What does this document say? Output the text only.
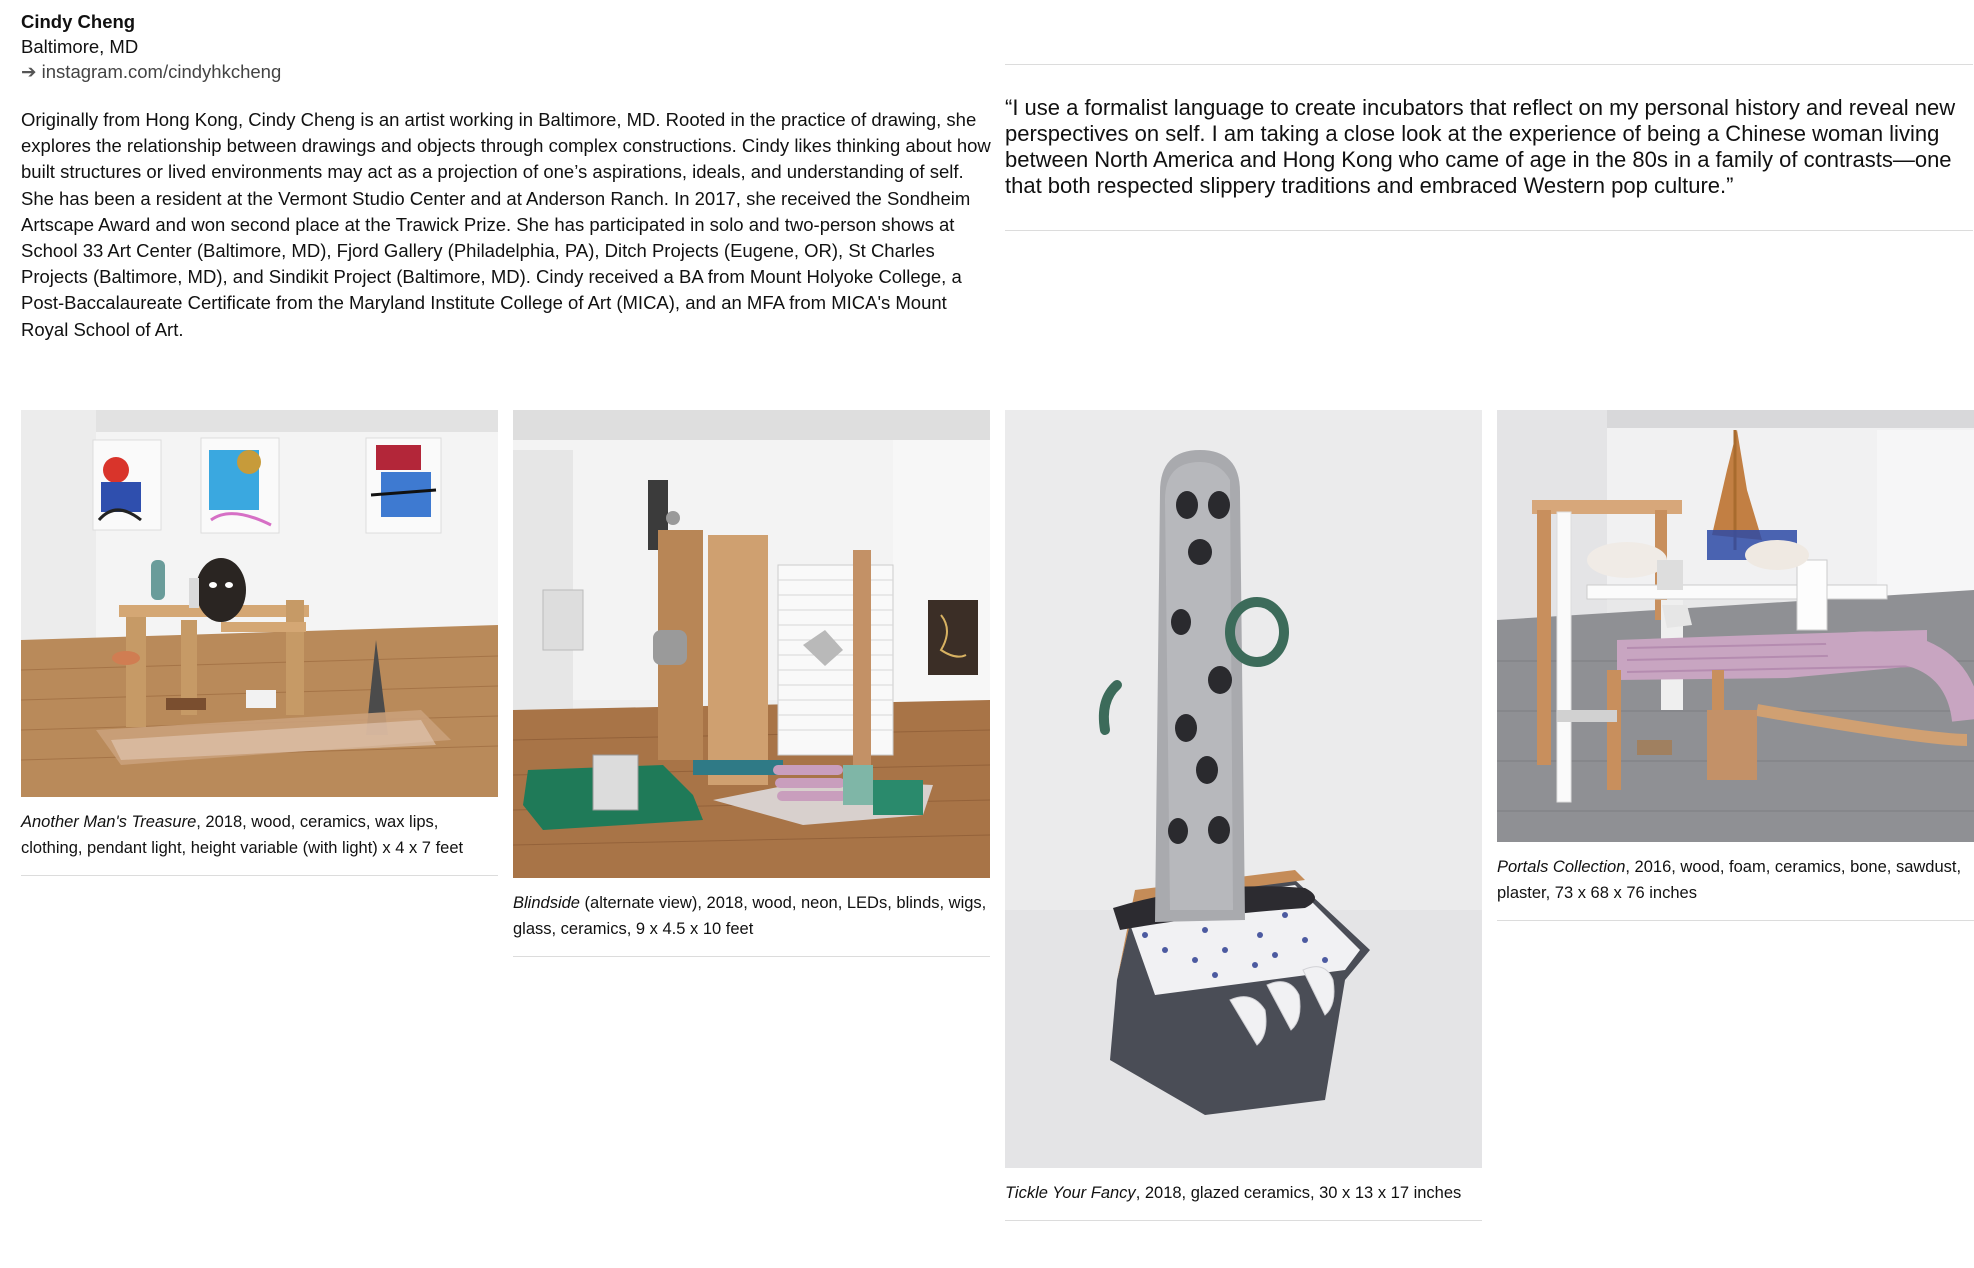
Cindy Cheng
Baltimore, MD
➔ instagram.com/cindyhkcheng
Originally from Hong Kong, Cindy Cheng is an artist working in Baltimore, MD. Rooted in the practice of drawing, she explores the relationship between drawings and objects through complex constructions. Cindy likes thinking about how built structures or lived environments may act as a projection of one’s aspirations, ideals, and understanding of self. She has been a resident at the Vermont Studio Center and at Anderson Ranch. In 2017, she received the Sondheim Artscape Award and won second place at the Trawick Prize. She has participated in solo and two-person shows at School 33 Art Center (Baltimore, MD), Fjord Gallery (Philadelphia, PA), Ditch Projects (Eugene, OR), St Charles Projects (Baltimore, MD), and Sindikit Project (Baltimore, MD). Cindy received a BA from Mount Holyoke College, a Post-Baccalaureate Certificate from the Maryland Institute College of Art (MICA), and an MFA from MICA's Mount Royal School of Art.

“I use a formalist language to create incubators that reflect on my personal history and reveal new perspectives on self. I am taking a close look at the experience of being a Chinese woman living between North America and Hong Kong who came of age in the 80s in a family of contrasts—one that both respected slippery traditions and embraced Western pop culture.”

Another Man's Treasure, 2018, wood, ceramics, wax lips, clothing, pendant light, height variable (with light) x 4 x 7 feet
Blindside (alternate view), 2018, wood, neon, LEDs, blinds, wigs, glass, ceramics, 9 x 4.5 x 10 feet
Tickle Your Fancy, 2018, glazed ceramics, 30 x 13 x 17 inches
Portals Collection, 2016, wood, foam, ceramics, bone, sawdust, plaster, 73 x 68 x 76 inches
